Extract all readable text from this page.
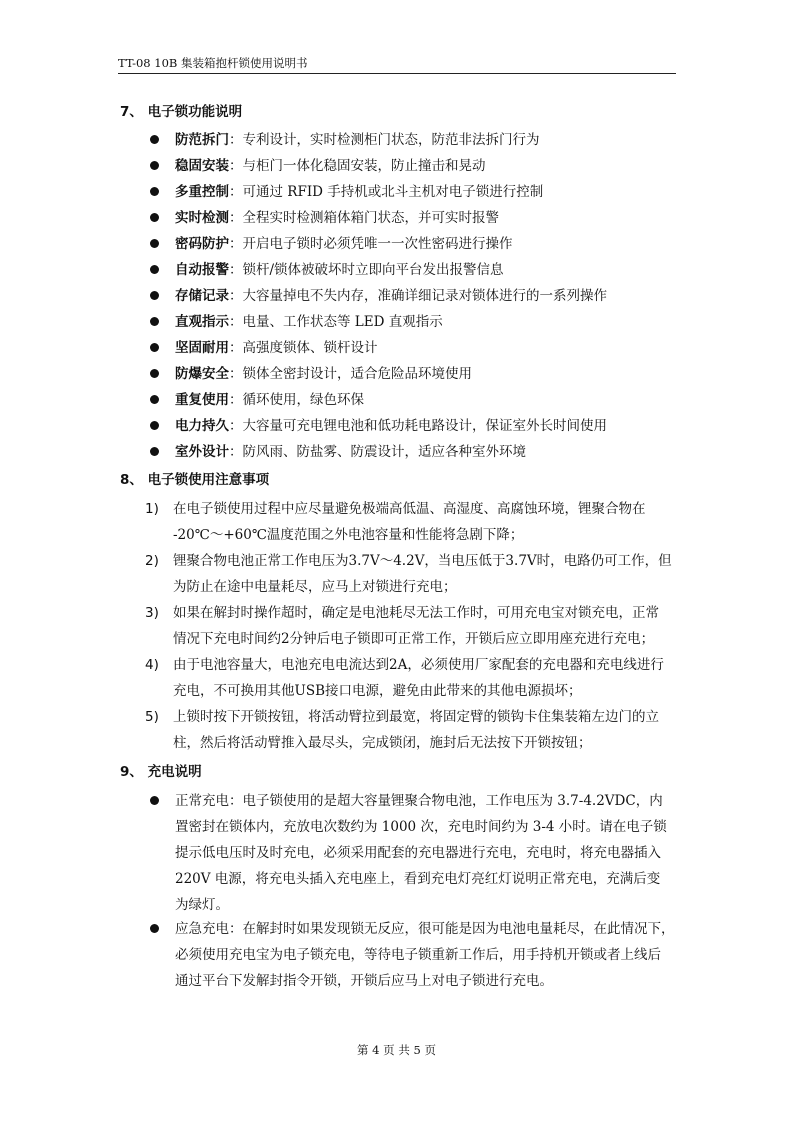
TT-08 10B 集装箱抱杆锁使用说明书
7、 电子锁功能说明
防范拆门：专利设计，实时检测柜门状态，防范非法拆门行为
稳固安装：与柜门一体化稳固安装，防止撞击和晃动
多重控制：可通过 RFID 手持机或北斗主机对电子锁进行控制
实时检测：全程实时检测箱体箱门状态，并可实时报警
密码防护：开启电子锁时必须凭唯一一次性密码进行操作
自动报警：锁杆/锁体被破坏时立即向平台发出报警信息
存储记录：大容量掉电不失内存，准确详细记录对锁体进行的一系列操作
直观指示：电量、工作状态等 LED 直观指示
坚固耐用：高强度锁体、锁杆设计
防爆安全：锁体全密封设计，适合危险品环境使用
重复使用：循环使用，绿色环保
电力持久：大容量可充电锂电池和低功耗电路设计，保证室外长时间使用
室外设计：防风雨、防盐雾、防震设计，适应各种室外环境
8、 电子锁使用注意事项
1) 在电子锁使用过程中应尽量避免极端高低温、高湿度、高腐蚀环境，锂聚合物在
-20℃～+60℃温度范围之外电池容量和性能将急剧下降；
2) 锂聚合物电池正常工作电压为3.7V～4.2V，当电压低于3.7V时，电路仍可工作，但
为防止在途中电量耗尽，应马上对锁进行充电；
3) 如果在解封时操作超时，确定是电池耗尽无法工作时，可用充电宝对锁充电，正常
情况下充电时间约2分钟后电子锁即可正常工作，开锁后应立即用座充进行充电；
4) 由于电池容量大，电池充电电流达到2A，必须使用厂家配套的充电器和充电线进行
充电，不可换用其他USB接口电源，避免由此带来的其他电源损坏；
5) 上锁时按下开锁按钮，将活动臂拉到最宽，将固定臂的锁钩卡住集装箱左边门的立
柱，然后将活动臂推入最尽头，完成锁闭，施封后无法按下开锁按钮；
9、 充电说明
正常充电：电子锁使用的是超大容量锂聚合物电池，工作电压为 3.7-4.2VDC，内
置密封在锁体内，充放电次数约为 1000 次，充电时间约为 3-4 小时。请在电子锁
提示低电压时及时充电，必须采用配套的充电器进行充电，充电时，将充电器插入
220V 电源，将充电头插入充电座上，看到充电灯亮红灯说明正常充电，充满后变
为绿灯。
应急充电：在解封时如果发现锁无反应，很可能是因为电池电量耗尽，在此情况下，
必须使用充电宝为电子锁充电，等待电子锁重新工作后，用手持机开锁或者上线后
通过平台下发解封指令开锁，开锁后应马上对电子锁进行充电。
第 4 页 共 5 页
